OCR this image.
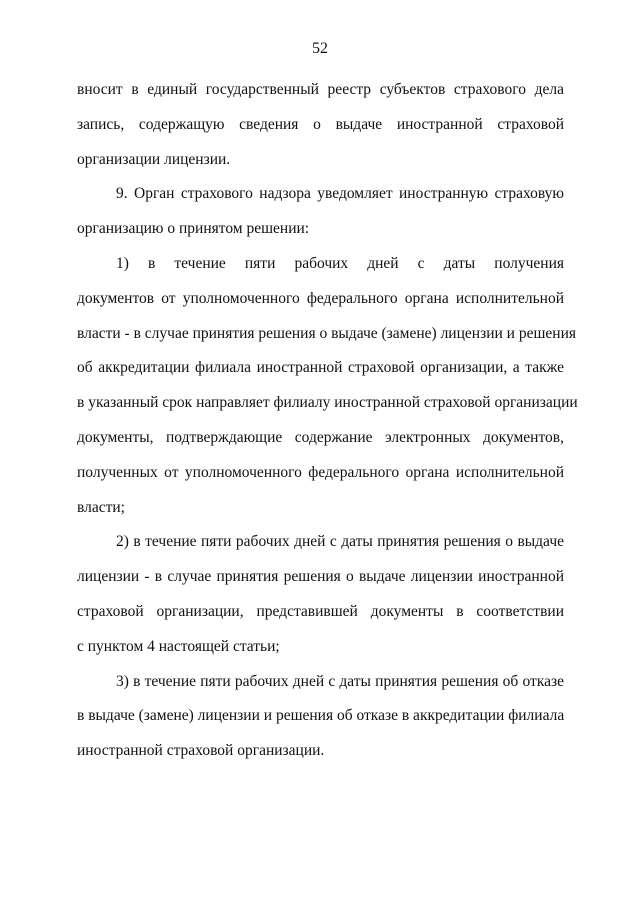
52
вносит в единый государственный реестр субъектов страхового дела
запись, содержащую сведения о выдаче иностранной страховой
организации лицензии.
9. Орган страхового надзора уведомляет иностранную страховую
организацию о принятом решении:
1) в течение пяти рабочих дней с даты получения
документов от уполномоченного федерального органа исполнительной
власти - в случае принятия решения о выдаче (замене) лицензии и решения
об аккредитации филиала иностранной страховой организации, а также
в указанный срок направляет филиалу иностранной страховой организации
документы, подтверждающие содержание электронных документов,
полученных от уполномоченного федерального органа исполнительной
власти;
2) в течение пяти рабочих дней с даты принятия решения о выдаче
лицензии - в случае принятия решения о выдаче лицензии иностранной
страховой организации, представившей документы в соответствии
с пунктом 4 настоящей статьи;
3) в течение пяти рабочих дней с даты принятия решения об отказе
в выдаче (замене) лицензии и решения об отказе в аккредитации филиала
иностранной страховой организации.
